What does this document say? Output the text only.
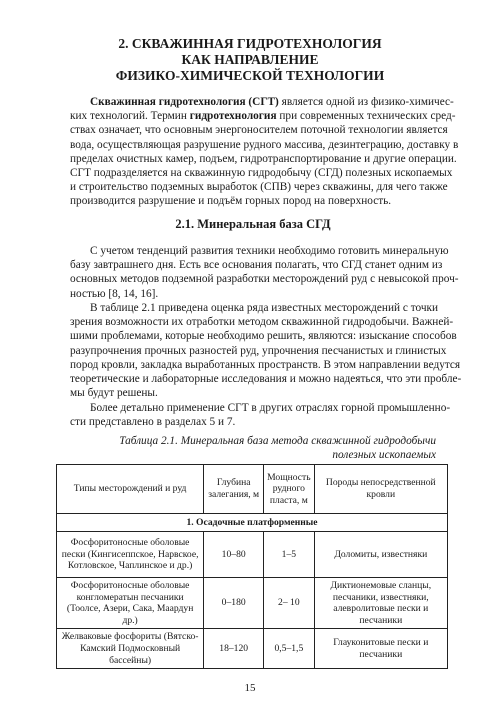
2. СКВАЖИННАЯ ГИДРОТЕХНОЛОГИЯ
КАК НАПРАВЛЕНИЕ
ФИЗИКО-ХИМИЧЕСКОЙ ТЕХНОЛОГИИ

Скважинная гидротехнология (СГТ) является одной из физико-химичес-
ких технологий. Термин гидротехнология при современных технических сред-
ствах означает, что основным энергоносителем поточной технологии является
вода, осуществляющая разрушение рудного массива, дезинтеграцию, доставку в
пределах очистных камер, подъем, гидротранспортирование и другие операции.
СГТ подразделяется на скважинную гидродобычу (СГД) полезных ископаемых
и строительство подземных выработок (СПВ) через скважины, для чего также
производится разрушение и подъём горных пород на поверхность.

2.1. Минеральная база СГД

С учетом тенденций развития техники необходимо готовить минеральную
базу завтрашнего дня. Есть все основания полагать, что СГД станет одним из
основных методов подземной разработки месторождений руд с невысокой проч-
ностью [8, 14, 16].

В таблице 2.1 приведена оценка ряда известных месторождений с точки
зрения возможности их отработки методом скважинной гидродобычи. Важней-
шими проблемами, которые необходимо решить, являются: изыскание способов
разупрочнения прочных разностей руд, упрочнения песчанистых и глинистых
пород кровли, закладка выработанных пространств. В этом направлении ведутся
теоретические и лабораторные исследования и можно надеяться, что эти пробле-
мы будут решены.

Более детально применение СГТ в других отраслях горной промышленно-
сти представлено в разделах 5 и 7.

Таблица 2.1. Минеральная база метода скважинной гидродобычи
полезных ископаемых
Типы месторождений и руд	Глубина залегания, м	Мощность рудного пласта, м	Породы непосредственной кровли
1. Осадочные платформенные			
Фосфоритоносные оболовые пески (Кингисеппское, Нарвское, Котловское, Чаплинское и др.)	10–80	1–5	Доломиты, известняки
Фосфоритоносные оболовые конгломератын песчаники (Тоолсе, Азери, Сака, Маардун др.)	0–180	2– 10	Диктионемовые сланцы, песчаники, известняки, алевролитовые пески и песчаники
Желваковые фосфориты (Вятско-Камский Подмосковный бассейны)	18–120	0,5–1,5	Глауконитовые пески и песчаники
15
